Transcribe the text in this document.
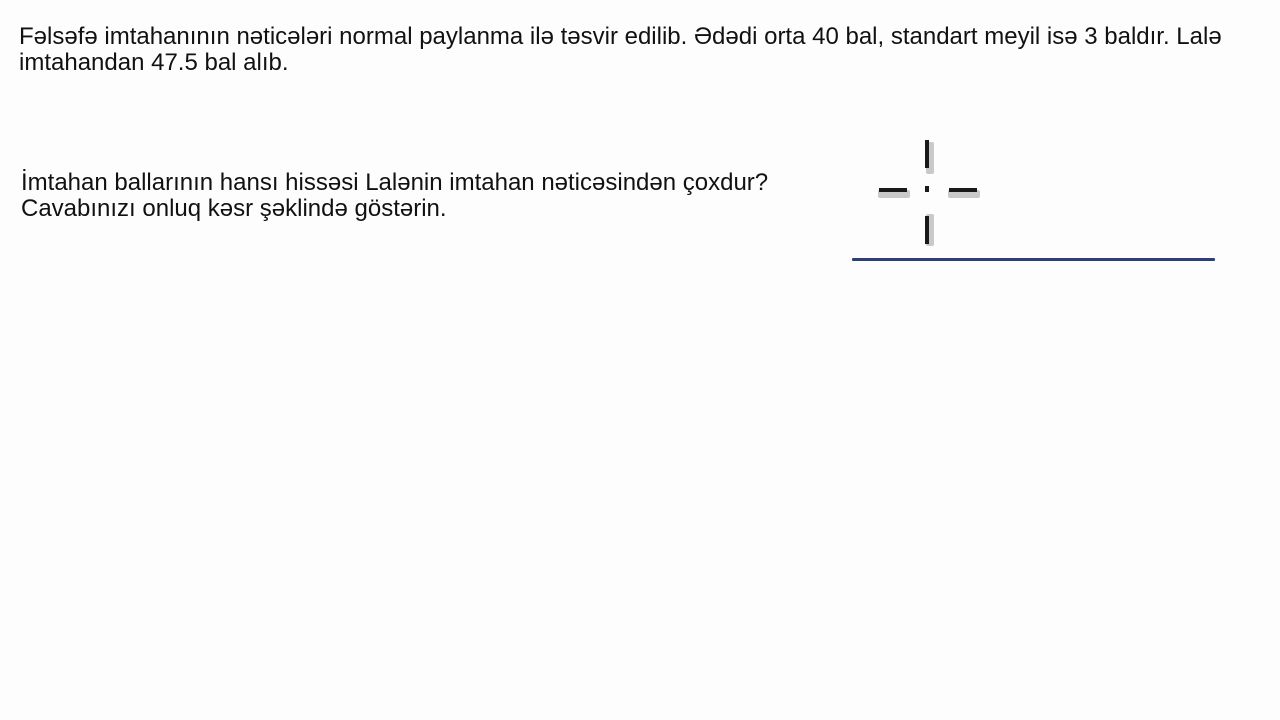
Fəlsəfə imtahanının nəticələri normal paylanma ilə təsvir edilib. Ədədi orta 40 bal, standart meyil isə 3 baldır. Lalə imtahandan 47.5 bal alıb.

İmtahan ballarının hansı hissəsi Lalənin imtahan nəticəsindən çoxdur?
Cavabınızı onluq kəsr şəklində göstərin.
